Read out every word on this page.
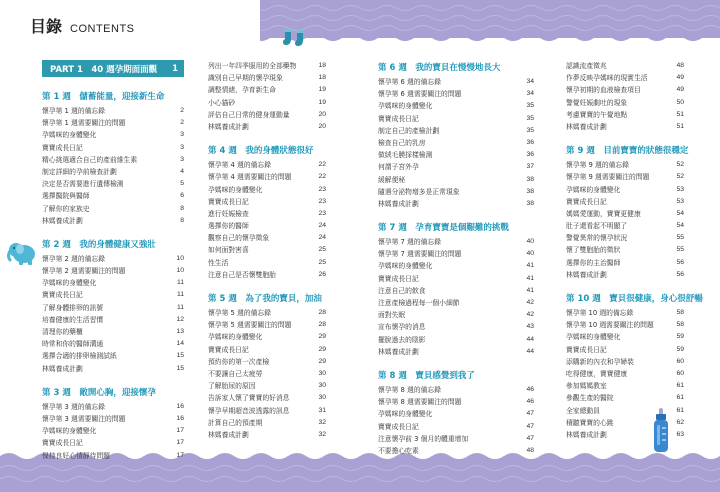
目錄 CONTENTS
PART 1　40 週孕期面面觀 1
第 1 週　儲蓄能量，迎接新生命
懷孕第 1 週的備忘錄	2
懷孕第 1 週需要關注的問題	2
孕媽咪的身體變化	3
寶寶成長日記	3
精心挑選適合自己的產前維生素	3
制定詳細的孕前檢查計劃	4
決定是否需要進行遺傳檢測	5
選擇醫院與醫師	6
了解你的家族史	8
林媽養成計劃	8
第 2 週　我的身體健康又強壯
懷孕第 2 週的備忘錄	10
懷孕第 2 週需要關注的問題	10
孕媽咪的身體變化	11
寶寶成長日記	11
了解身體排卵的訊號	11
培養健康的生活習慣	12
清理你的藥櫃	13
時常和你的醫師溝通	14
選擇合適的排卵檢測試紙	15
林媽養成計劃	15
第 3 週　敞開心胸，迎接懷孕
懷孕第 3 週的備忘錄	16
懷孕第 3 週需要關注的問題	16
孕媽咪的身體變化	17
寶寶成長日記	17
保持良好心情靜待問題	17
列出一年四季服用的全部藥物	18
識別自己早期的懷孕現象	18
調整情緒，孕育新生命	19
小心貓砂	19
評估自己日常的健身運動量	20
林媽養成計劃	20
第 4 週　我的身體狀態很好
懷孕第 4 週的備忘錄	22
懷孕第 4 週需要關注的問題	22
孕媽咪的身體變化	23
寶寶成長日記	23
進行妊娠檢查	23
選擇你的醫師	24
觀察自己的懷孕徵象	24
如何面對害喜	25
性生活	25
注意自己是否懷雙胞胎	26
第 5 週　為了我的寶貝，加油
懷孕第 5 週的備忘錄	28
懷孕第 5 週需要關注的問題	28
孕媽咪的身體變化	29
寶寶成長日記	29
預約你的第一次產檢	29
不要讓自己太疲勞	30
了解胎尿的原因	30
告訴家人懷了寶寶的好消息	30
懷孕早期超音波透露的訊息	31
計算自己的預產期	32
林媽養成計劃	32
第 6 週　我的寶貝在慢慢地長大
懷孕第 6 週的備忘錄	34
懷孕第 6 週需要關注的問題	34
孕媽咪的身體變化	35
寶寶成長日記	35
制定自己的產檢計劃	35
檢查自己的乳房	36
做絨毛膜採樣檢測	36
何謂子宮外孕	37
緩解便秘	38
隨遇分泌物增多是正常現象	38
林媽養成計劃	38
第 7 週　孕育寶寶是個艱難的挑戰
懷孕第 7 週的備忘錄	40
懷孕第 7 週需要關注的問題	40
孕媽咪的身體變化	41
寶寶成長日記	41
注意自己的飲食	41
注意產檢過程每一個小細節	42
面對失眠	42
宣布懷孕的消息	43
擺脫過去的陰影	44
林媽養成計劃	44
第 8 週　寶貝感覺到我了
懷孕第 8 週的備忘錄	46
懷孕第 8 週需要關注的問題	46
孕媽咪的身體變化	47
寶寶成長日記	47
注意懷孕前 3 個月的體重增加	47
不要擔心吃素	48
認識流產徵兆	48
作夢反映孕媽咪的現實生活	49
懷孕初期的血液檢查項目	49
警覺妊娠劇吐的現象	50
考慮寶寶的午覺地點	51
林媽養成計劃	51
第 9 週　目前寶寶的狀態很穩定
懷孕第 9 週的備忘錄	52
懷孕第 9 週需要關注的問題	52
孕媽咪的身體變化	53
寶寶成長日記	53
媽媽愛運動，寶寶更健康	54
肚子還看起不明顯了	54
警覺異常的懷孕狀況	55
懷了雙胞胎的徵狀	55
選擇你的主治醫師	56
林媽養成計劃	56
第 10 週　寶貝很健康，身心很舒暢
懷孕第 10 週的備忘錄	58
懷孕第 10 週需要關注的問題	58
孕媽咪的身體變化	59
寶寶成長日記	59
添購新的內衣和孕婦裝	60
吃得健康，寶寶健康	60
參加媽媽教室	61
參觀生產的醫院	61
全家總動員	61
積聽寶寶的心跳	62
林媽養成計劃	63
